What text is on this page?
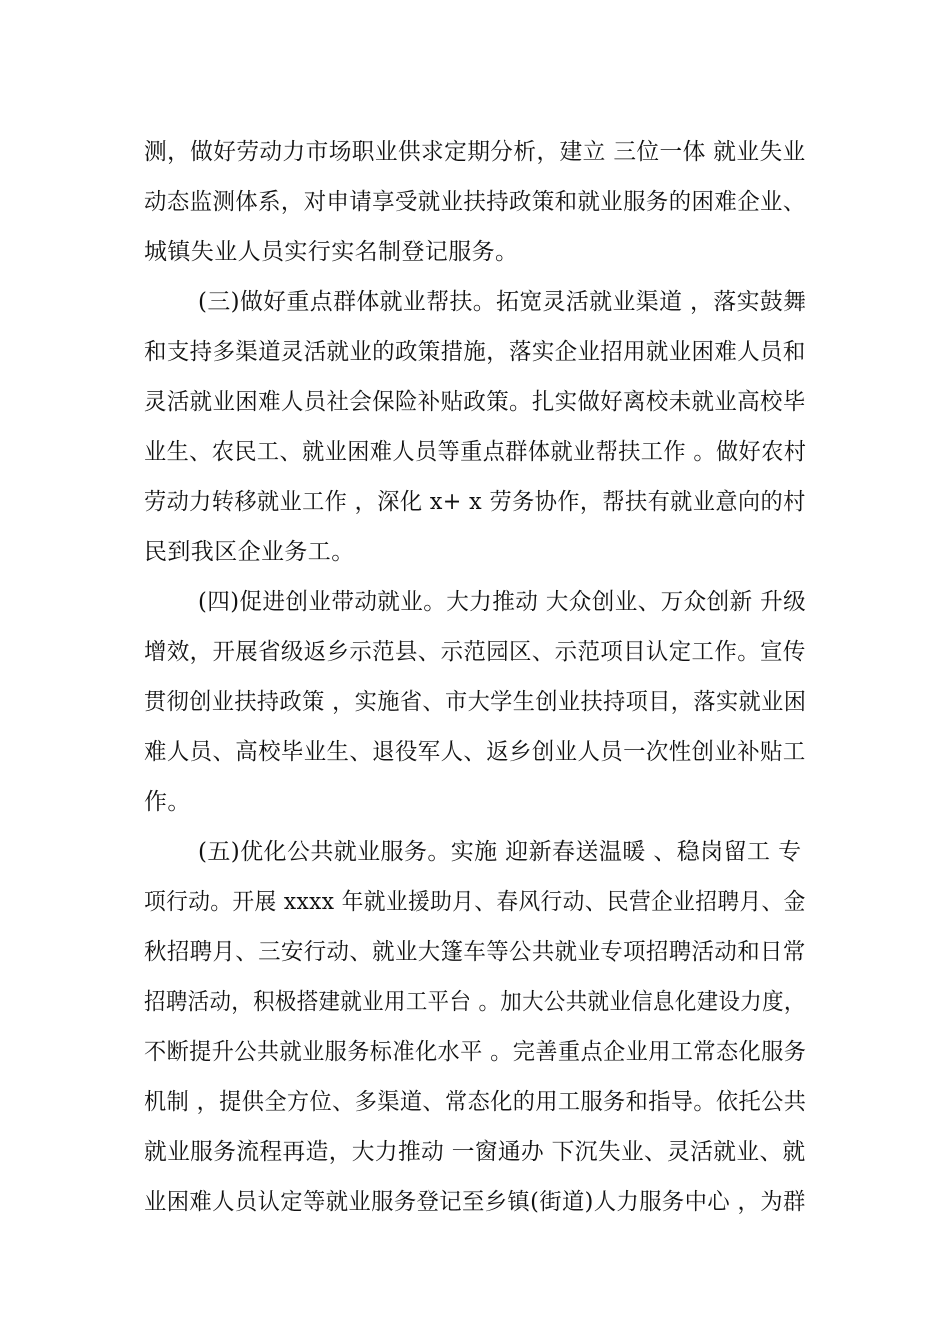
测，做好劳动力市场职业供求定期分析，建立 三位一体 就业失业
动态监测体系，对申请享受就业扶持政策和就业服务的困难企业、
城镇失业人员实行实名制登记服务。
(三)做好重点群体就业帮扶。拓宽灵活就业渠道 ，落实鼓舞
和支持多渠道灵活就业的政策措施，落实企业招用就业困难人员和
灵活就业困难人员社会保险补贴政策。扎实做好离校未就业高校毕
业生、农民工、就业困难人员等重点群体就业帮扶工作 。做好农村
劳动力转移就业工作 ，深化 x+ x 劳务协作，帮扶有就业意向的村
民到我区企业务工。
(四)促进创业带动就业。大力推动 大众创业、万众创新 升级
增效，开展省级返乡示范县、示范园区、示范项目认定工作。宣传
贯彻创业扶持政策 ，实施省、市大学生创业扶持项目，落实就业困
难人员、高校毕业生、退役军人、返乡创业人员一次性创业补贴工
作。
(五)优化公共就业服务。实施 迎新春送温暖 、稳岗留工 专
项行动。开展 xxxx 年就业援助月、春风行动、民营企业招聘月、金
秋招聘月、三安行动、就业大篷车等公共就业专项招聘活动和日常
招聘活动，积极搭建就业用工平台 。加大公共就业信息化建设力度，
不断提升公共就业服务标准化水平 。完善重点企业用工常态化服务
机制 ，提供全方位、多渠道、常态化的用工服务和指导。依托公共
就业服务流程再造，大力推动 一窗通办 下沉失业、灵活就业、就
业困难人员认定等就业服务登记至乡镇(街道)人力服务中心 ，为群
